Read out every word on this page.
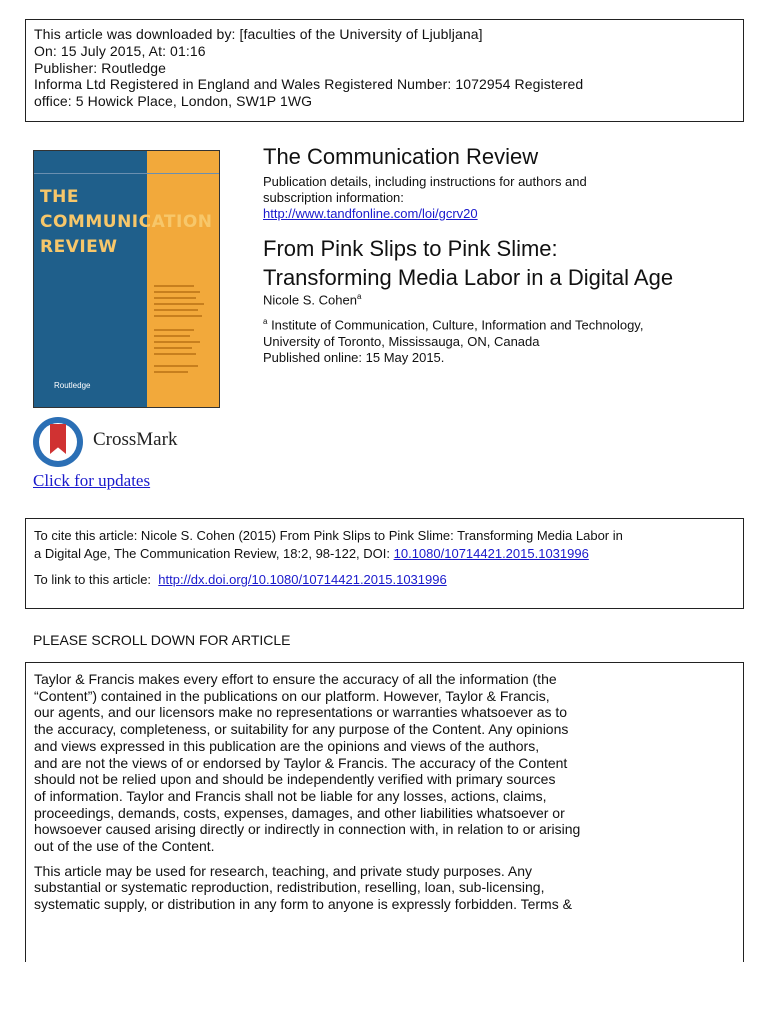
This article was downloaded by: [faculties of the University of Ljubljana]
On: 15 July 2015, At: 01:16
Publisher: Routledge
Informa Ltd Registered in England and Wales Registered Number: 1072954 Registered
office: 5 Howick Place, London, SW1P 1WG
THE
COMMUNICATION
REVIEW
Routledge
The Communication Review
Publication details, including instructions for authors and
subscription information:
http://www.tandfonline.com/loi/gcrv20
From Pink Slips to Pink Slime:
Transforming Media Labor in a Digital Age
Nicole S. Cohen$^a$
$^a$ Institute of Communication, Culture, Information and Technology,
University of Toronto, Mississauga, ON, Canada
Published online: 15 May 2015.
CrossMark
Click for updates
To cite this article: Nicole S. Cohen (2015) From Pink Slips to Pink Slime: Transforming Media Labor in
a Digital Age, The Communication Review, 18:2, 98-122, DOI: 10.1080/10714421.2015.1031996
To link to this article:  http://dx.doi.org/10.1080/10714421.2015.1031996
PLEASE SCROLL DOWN FOR ARTICLE
Taylor & Francis makes every effort to ensure the accuracy of all the information (the
“Content”) contained in the publications on our platform. However, Taylor & Francis,
our agents, and our licensors make no representations or warranties whatsoever as to
the accuracy, completeness, or suitability for any purpose of the Content. Any opinions
and views expressed in this publication are the opinions and views of the authors,
and are not the views of or endorsed by Taylor & Francis. The accuracy of the Content
should not be relied upon and should be independently verified with primary sources
of information. Taylor and Francis shall not be liable for any losses, actions, claims,
proceedings, demands, costs, expenses, damages, and other liabilities whatsoever or
howsoever caused arising directly or indirectly in connection with, in relation to or arising
out of the use of the Content.
This article may be used for research, teaching, and private study purposes. Any
substantial or systematic reproduction, redistribution, reselling, loan, sub-licensing,
systematic supply, or distribution in any form to anyone is expressly forbidden. Terms &
